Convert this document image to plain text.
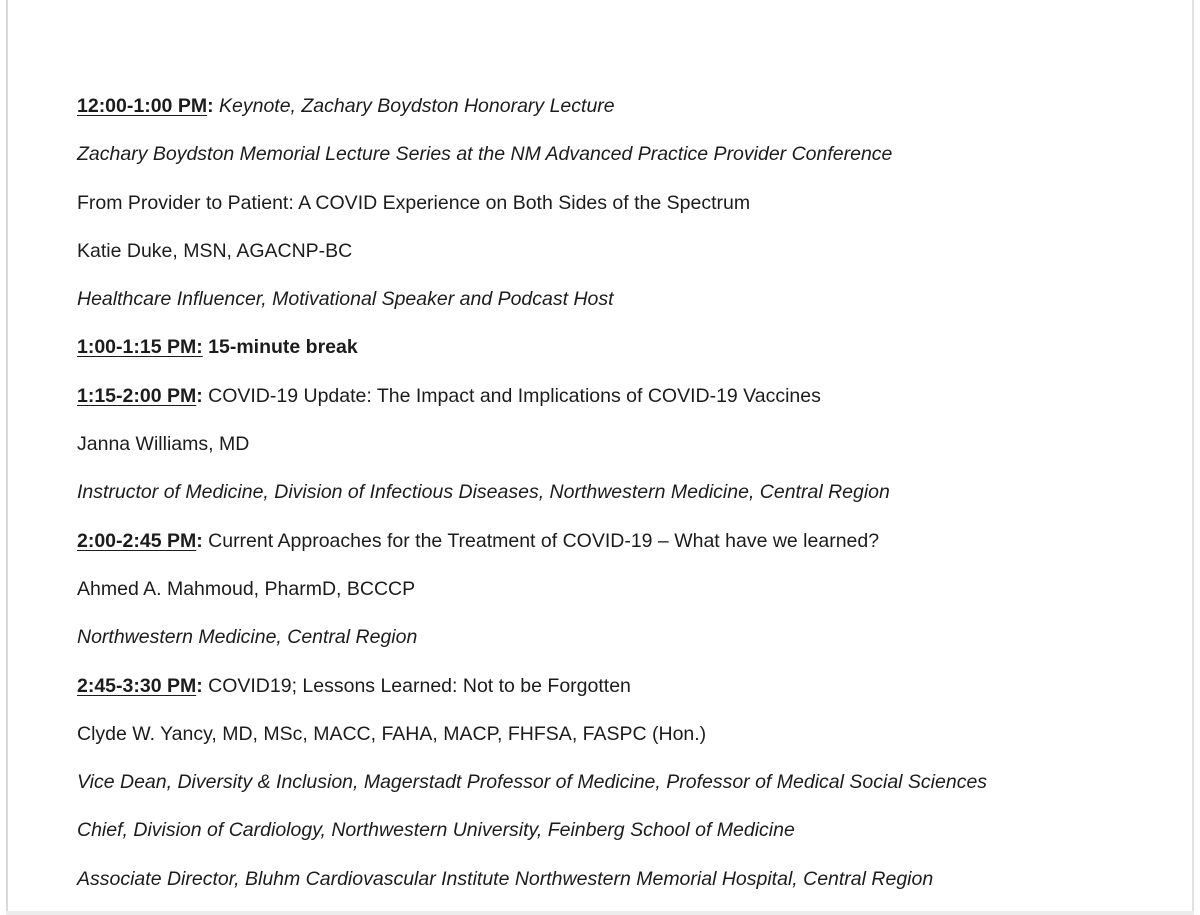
12:00-1:00 PM: Keynote, Zachary Boydston Honorary Lecture
Zachary Boydston Memorial Lecture Series at the NM Advanced Practice Provider Conference
From Provider to Patient: A COVID Experience on Both Sides of the Spectrum
Katie Duke, MSN, AGACNP-BC
Healthcare Influencer, Motivational Speaker and Podcast Host
1:00-1:15 PM: 15-minute break
1:15-2:00 PM: COVID-19 Update: The Impact and Implications of COVID-19 Vaccines
Janna Williams, MD
Instructor of Medicine, Division of Infectious Diseases, Northwestern Medicine, Central Region
2:00-2:45 PM: Current Approaches for the Treatment of COVID-19 – What have we learned?
Ahmed A. Mahmoud, PharmD, BCCCP
Northwestern Medicine, Central Region
2:45-3:30 PM: COVID19; Lessons Learned: Not to be Forgotten
Clyde W. Yancy, MD, MSc, MACC, FAHA, MACP, FHFSA, FASPC (Hon.)
Vice Dean, Diversity & Inclusion, Magerstadt Professor of Medicine, Professor of Medical Social Sciences
Chief, Division of Cardiology, Northwestern University, Feinberg School of Medicine
Associate Director, Bluhm Cardiovascular Institute Northwestern Memorial Hospital, Central Region
